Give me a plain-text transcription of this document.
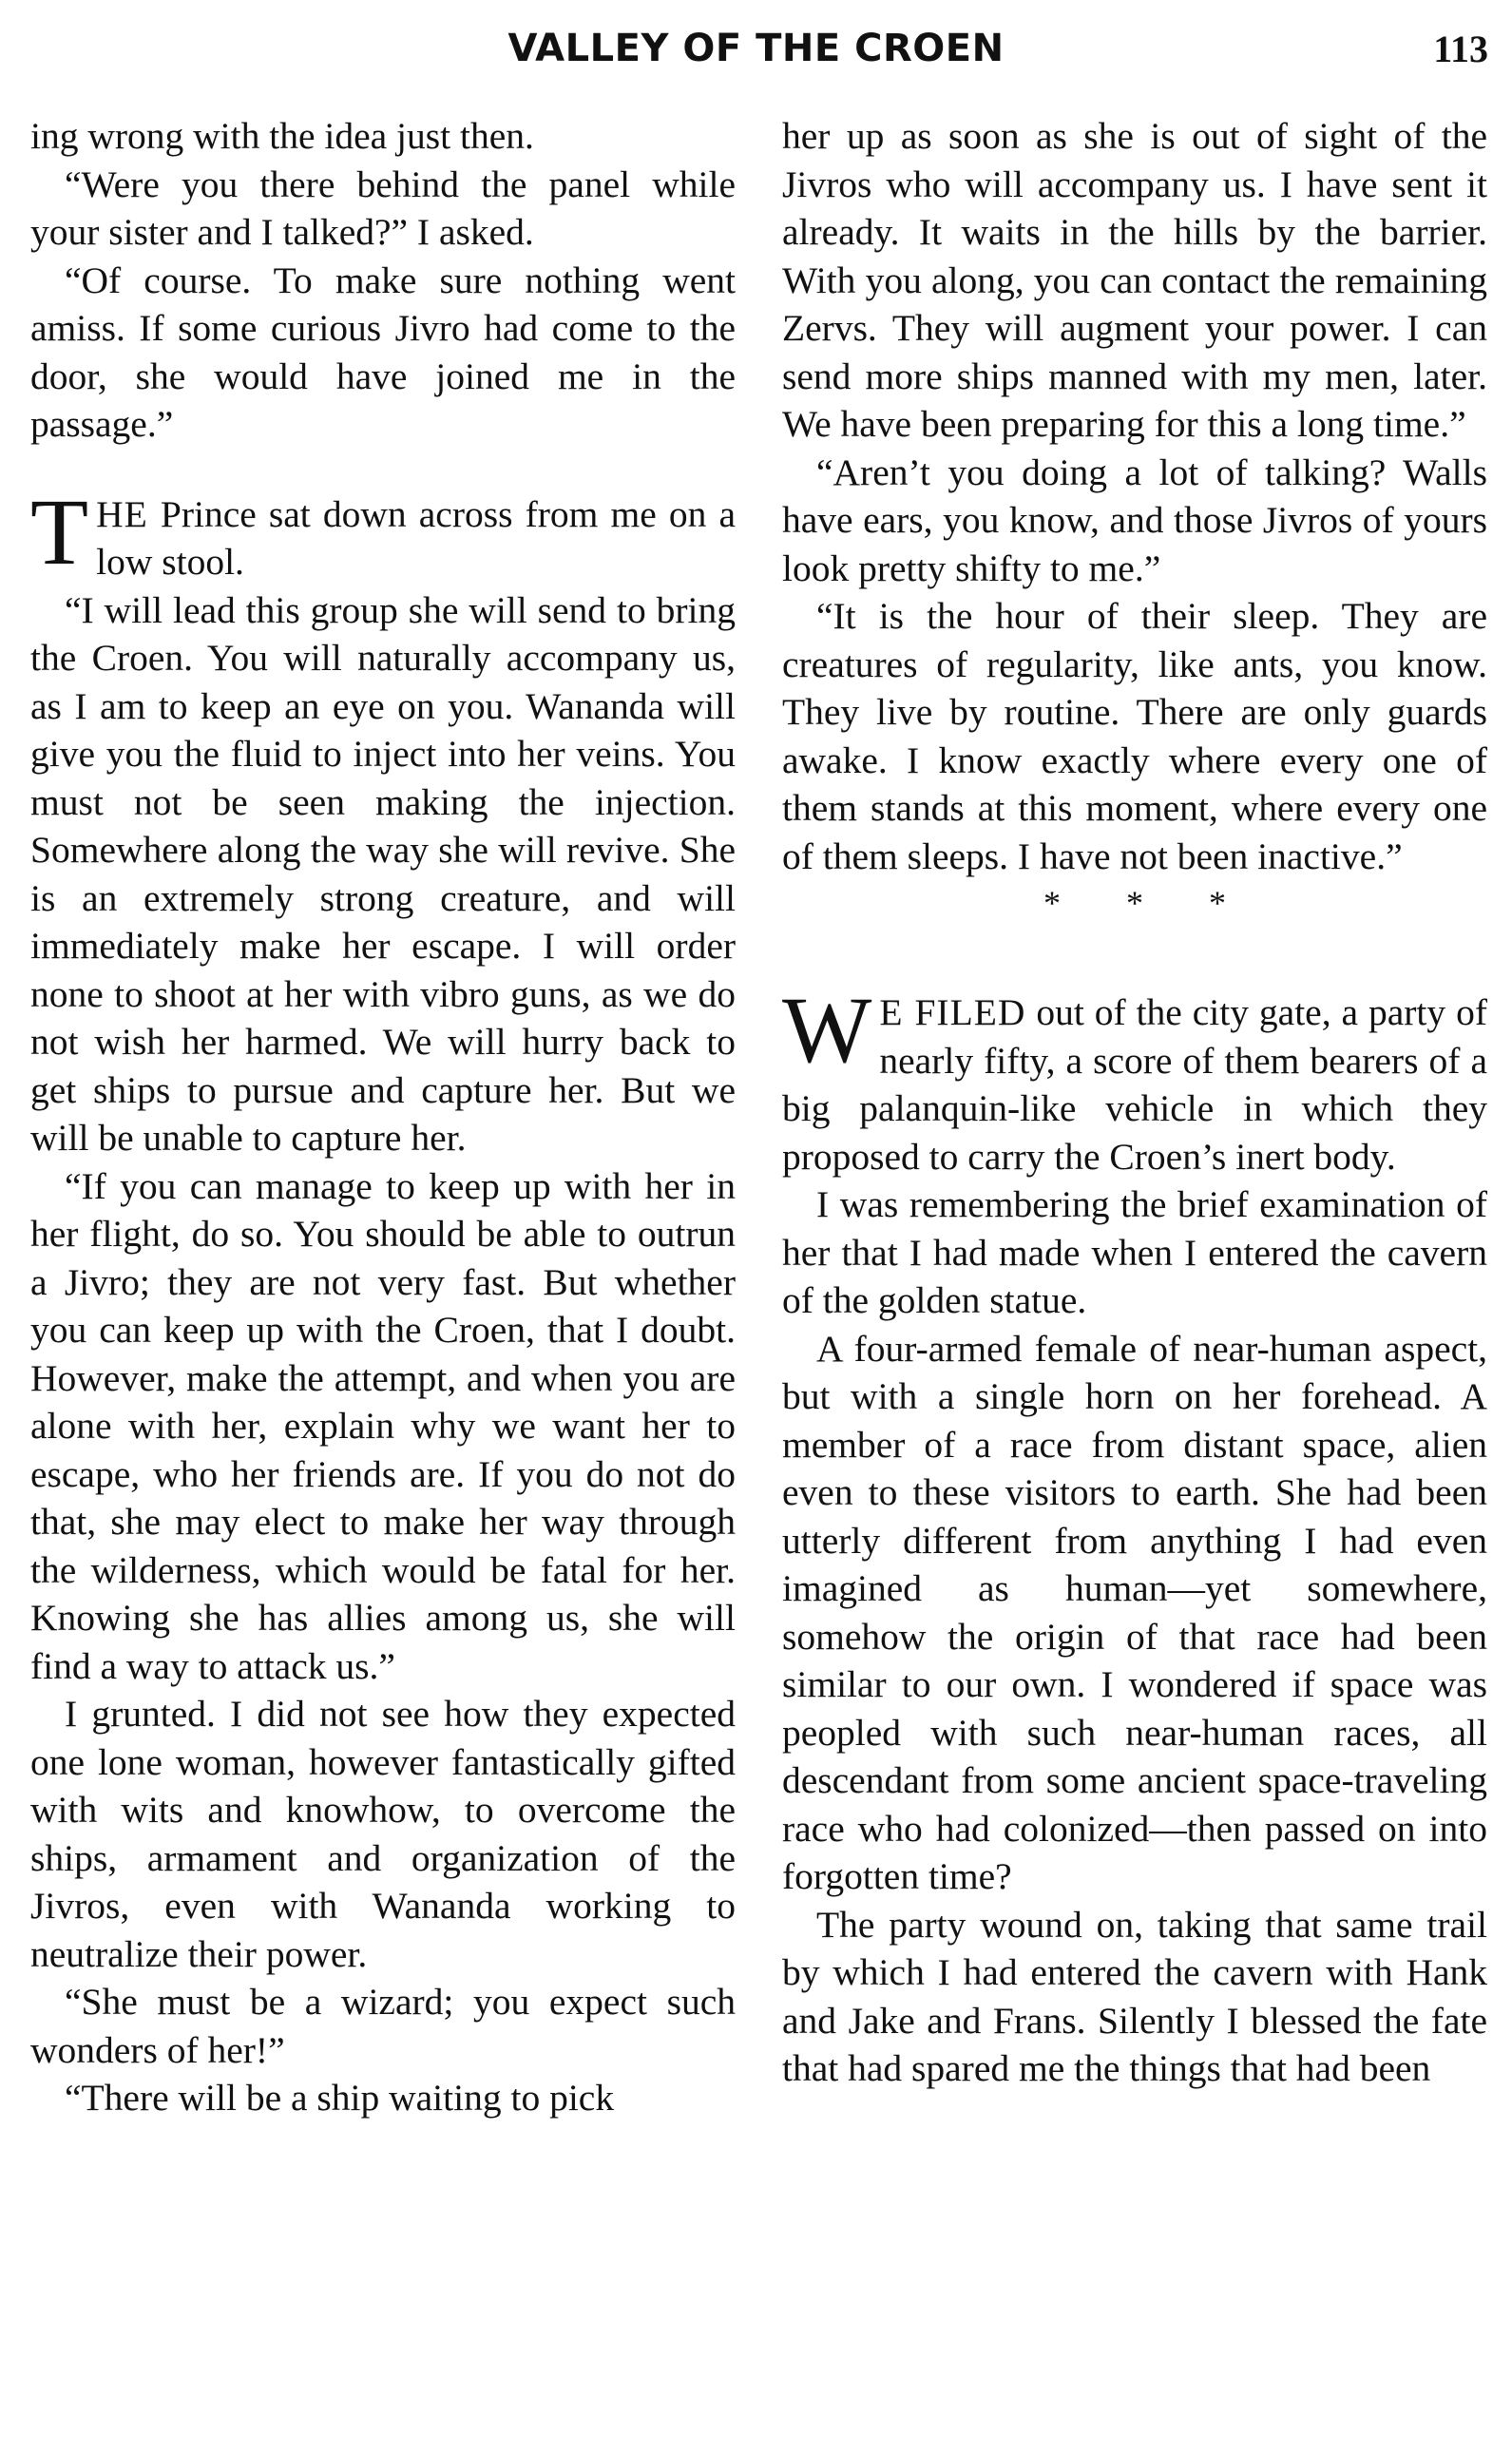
VALLEY OF THE CROEN	113

ing wrong with the idea just then.

“Were you there behind the panel while your sister and I talked?” I asked.

“Of course. To make sure nothing went amiss. If some curious Jivro had come to the door, she would have joined me in the passage.”

THE Prince sat down across from me on a low stool.

“I will lead this group she will send to bring the Croen. You will naturally accompany us, as I am to keep an eye on you. Wananda will give you the fluid to inject into her veins. You must not be seen making the injection. Somewhere along the way she will revive. She is an extremely strong creature, and will immediately make her escape. I will order none to shoot at her with vibro guns, as we do not wish her harmed. We will hurry back to get ships to pursue and capture her. But we will be unable to capture her.

“If you can manage to keep up with her in her flight, do so. You should be able to outrun a Jivro; they are not very fast. But whether you can keep up with the Croen, that I doubt. However, make the attempt, and when you are alone with her, explain why we want her to escape, who her friends are. If you do not do that, she may elect to make her way through the wilderness, which would be fatal for her. Knowing she has allies among us, she will find a way to attack us.”

I grunted. I did not see how they expected one lone woman, however fantastically gifted with wits and knowhow, to overcome the ships, armament and organization of the Jivros, even with Wananda working to neutralize their power.

“She must be a wizard; you expect such wonders of her!”

“There will be a ship waiting to pick

her up as soon as she is out of sight of the Jivros who will accompany us. I have sent it already. It waits in the hills by the barrier. With you along, you can contact the remaining Zervs. They will augment your power. I can send more ships manned with my men, later. We have been preparing for this a long time.”

“Aren’t you doing a lot of talking? Walls have ears, you know, and those Jivros of yours look pretty shifty to me.”

“It is the hour of their sleep. They are creatures of regularity, like ants, you know. They live by routine. There are only guards awake. I know exactly where every one of them stands at this moment, where every one of them sleeps. I have not been inactive.”

* * *

W E FILED out of the city gate, a party of nearly fifty, a score of them bearers of a big palanquin-like vehicle in which they proposed to carry the Croen’s inert body.

I was remembering the brief examination of her that I had made when I entered the cavern of the golden statue.

A four-armed female of near-human aspect, but with a single horn on her forehead. A member of a race from distant space, alien even to these visitors to earth. She had been utterly different from anything I had even imagined as human—yet somewhere, somehow the origin of that race had been similar to our own. I wondered if space was peopled with such near-human races, all descendant from some ancient space-traveling race who had colonized—then passed on into forgotten time?

The party wound on, taking that same trail by which I had entered the cavern with Hank and Jake and Frans. Silently I blessed the fate that had spared me the things that had been
